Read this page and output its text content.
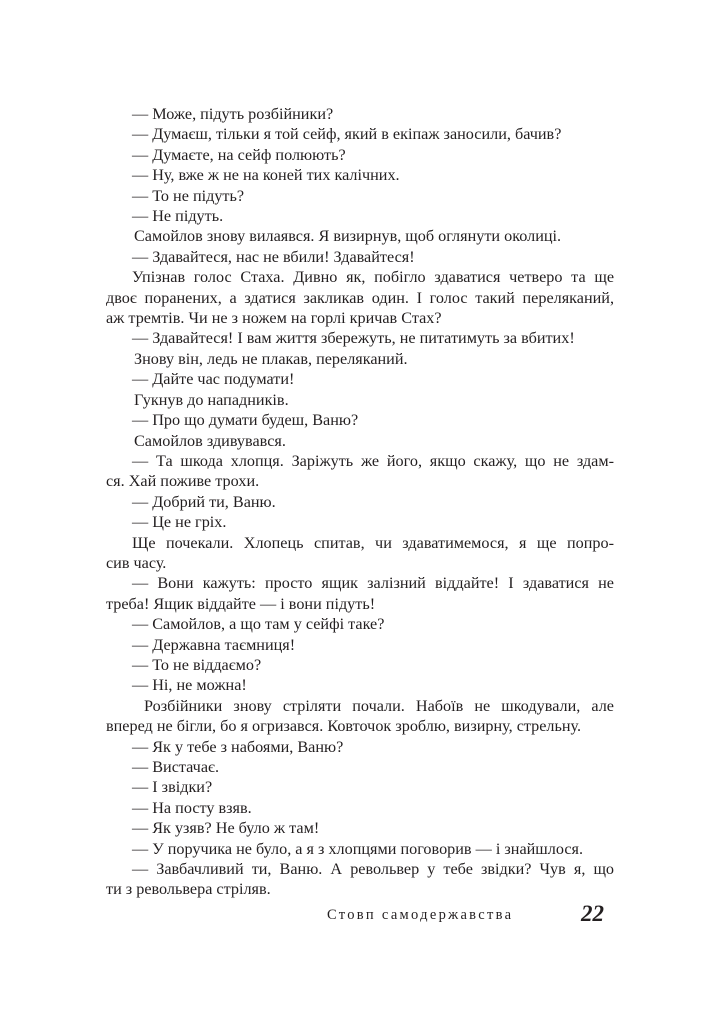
— Може, підуть розбійники?
— Думаєш, тільки я той сейф, який в екіпаж заносили, бачив?
— Думаєте, на сейф полюють?
— Ну, вже ж не на коней тих калічних.
— То не підуть?
— Не підуть.
Самойлов знову вилаявся. Я визирнув, щоб оглянути околиці.
— Здавайтеся, нас не вбили! Здавайтеся!
Упізнав голос Стаха. Дивно як, побігло здаватися четверо та ще
двоє поранених, а здатися закликав один. І голос такий переляканий,
аж тремтів. Чи не з ножем на горлі кричав Стах?
— Здавайтеся! І вам життя збережуть, не питатимуть за вбитих!
Знову він, ледь не плакав, переляканий.
— Дайте час подумати!
Гукнув до нападників.
— Про що думати будеш, Ваню?
Самойлов здивувався.
— Та шкода хлопця. Заріжуть же його, якщо скажу, що не здам-
ся. Хай поживе трохи.
— Добрий ти, Ваню.
— Це не гріх.
Ще почекали. Хлопець спитав, чи здаватимемося, я ще попро-
сив часу.
— Вони кажуть: просто ящик залізний віддайте! І здаватися не
треба! Ящик віддайте — і вони підуть!
— Самойлов, а що там у сейфі таке?
— Державна таємниця!
— То не віддаємо?
— Ні, не можна!
Розбійники знову стріляти почали. Набоїв не шкодували, але
вперед не бігли, бо я огризався. Ковточок зроблю, визирну, стрельну.
— Як у тебе з набоями, Ваню?
— Вистачає.
— І звідки?
— На посту взяв.
— Як узяв? Не було ж там!
— У поручика не було, а я з хлопцями поговорив — і знайшлося.
— Завбачливий ти, Ваню. А револьвер у тебе звідки? Чув я, що
ти з револьвера стріляв.
Стовп самодержавства	22
